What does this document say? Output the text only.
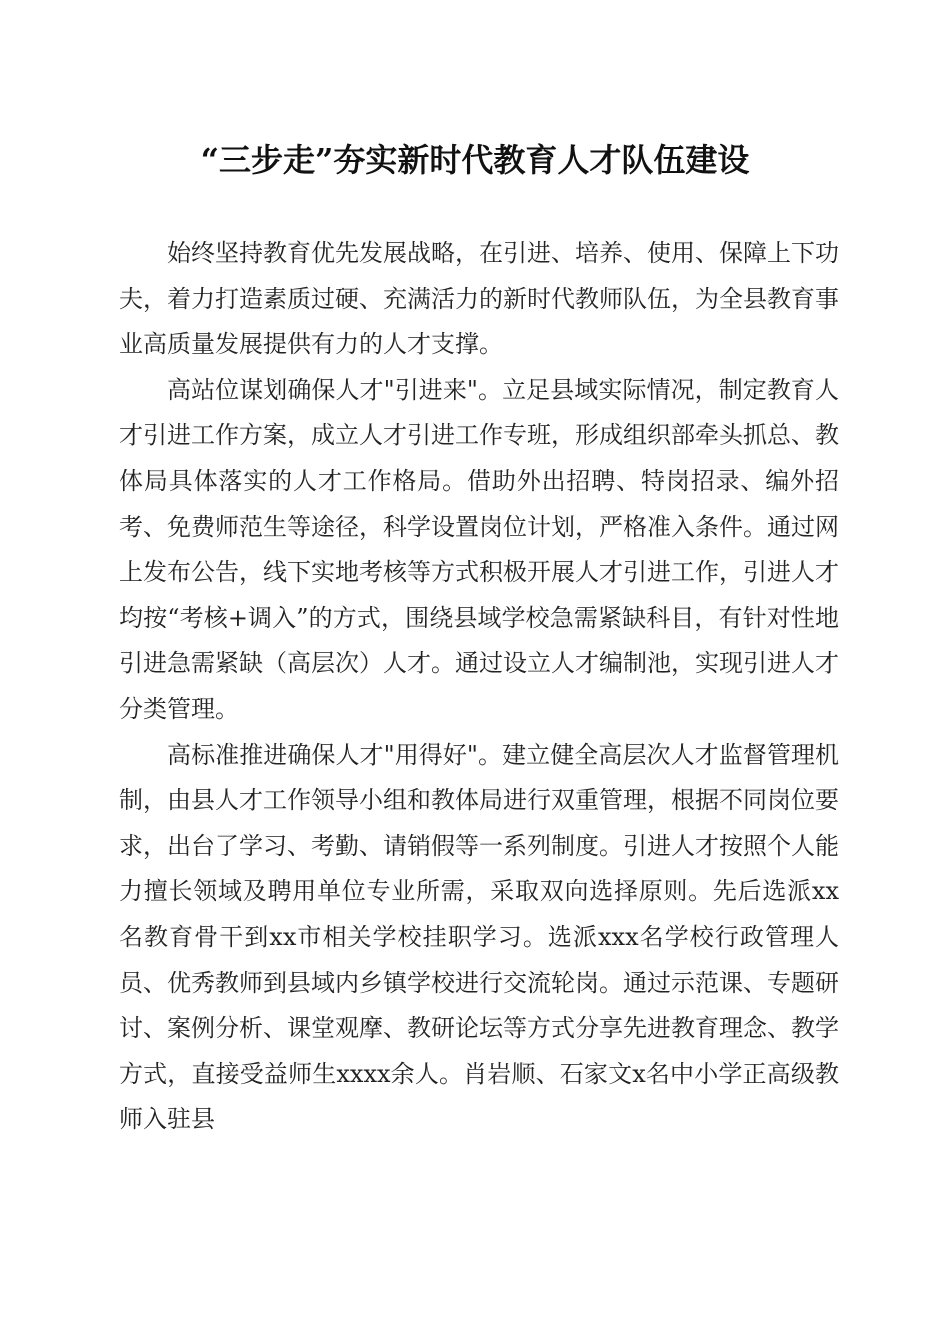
“三步走”夯实新时代教育人才队伍建设

始终坚持教育优先发展战略，在引进、培养、使用、保障上下功夫，着力打造素质过硬、充满活力的新时代教师队伍，为全县教育事业高质量发展提供有力的人才支撑。

高站位谋划确保人才"引进来"。立足县域实际情况，制定教育人才引进工作方案，成立人才引进工作专班，形成组织部牵头抓总、教体局具体落实的人才工作格局。借助外出招聘、特岗招录、编外招考、免费师范生等途径，科学设置岗位计划，严格准入条件。通过网上发布公告，线下实地考核等方式积极开展人才引进工作，引进人才均按“考核+调入”的方式，围绕县域学校急需紧缺科目，有针对性地引进急需紧缺（高层次）人才。通过设立人才编制池，实现引进人才分类管理。

高标准推进确保人才"用得好"。建立健全高层次人才监督管理机制，由县人才工作领导小组和教体局进行双重管理，根据不同岗位要求，出台了学习、考勤、请销假等一系列制度。引进人才按照个人能力擅长领域及聘用单位专业所需，采取双向选择原则。先后选派xx名教育骨干到xx市相关学校挂职学习。选派xxx名学校行政管理人员、优秀教师到县域内乡镇学校进行交流轮岗。通过示范课、专题研讨、案例分析、课堂观摩、教研论坛等方式分享先进教育理念、教学方式，直接受益师生xxxx余人。肖岩顺、石家文x名中小学正高级教师入驻县
